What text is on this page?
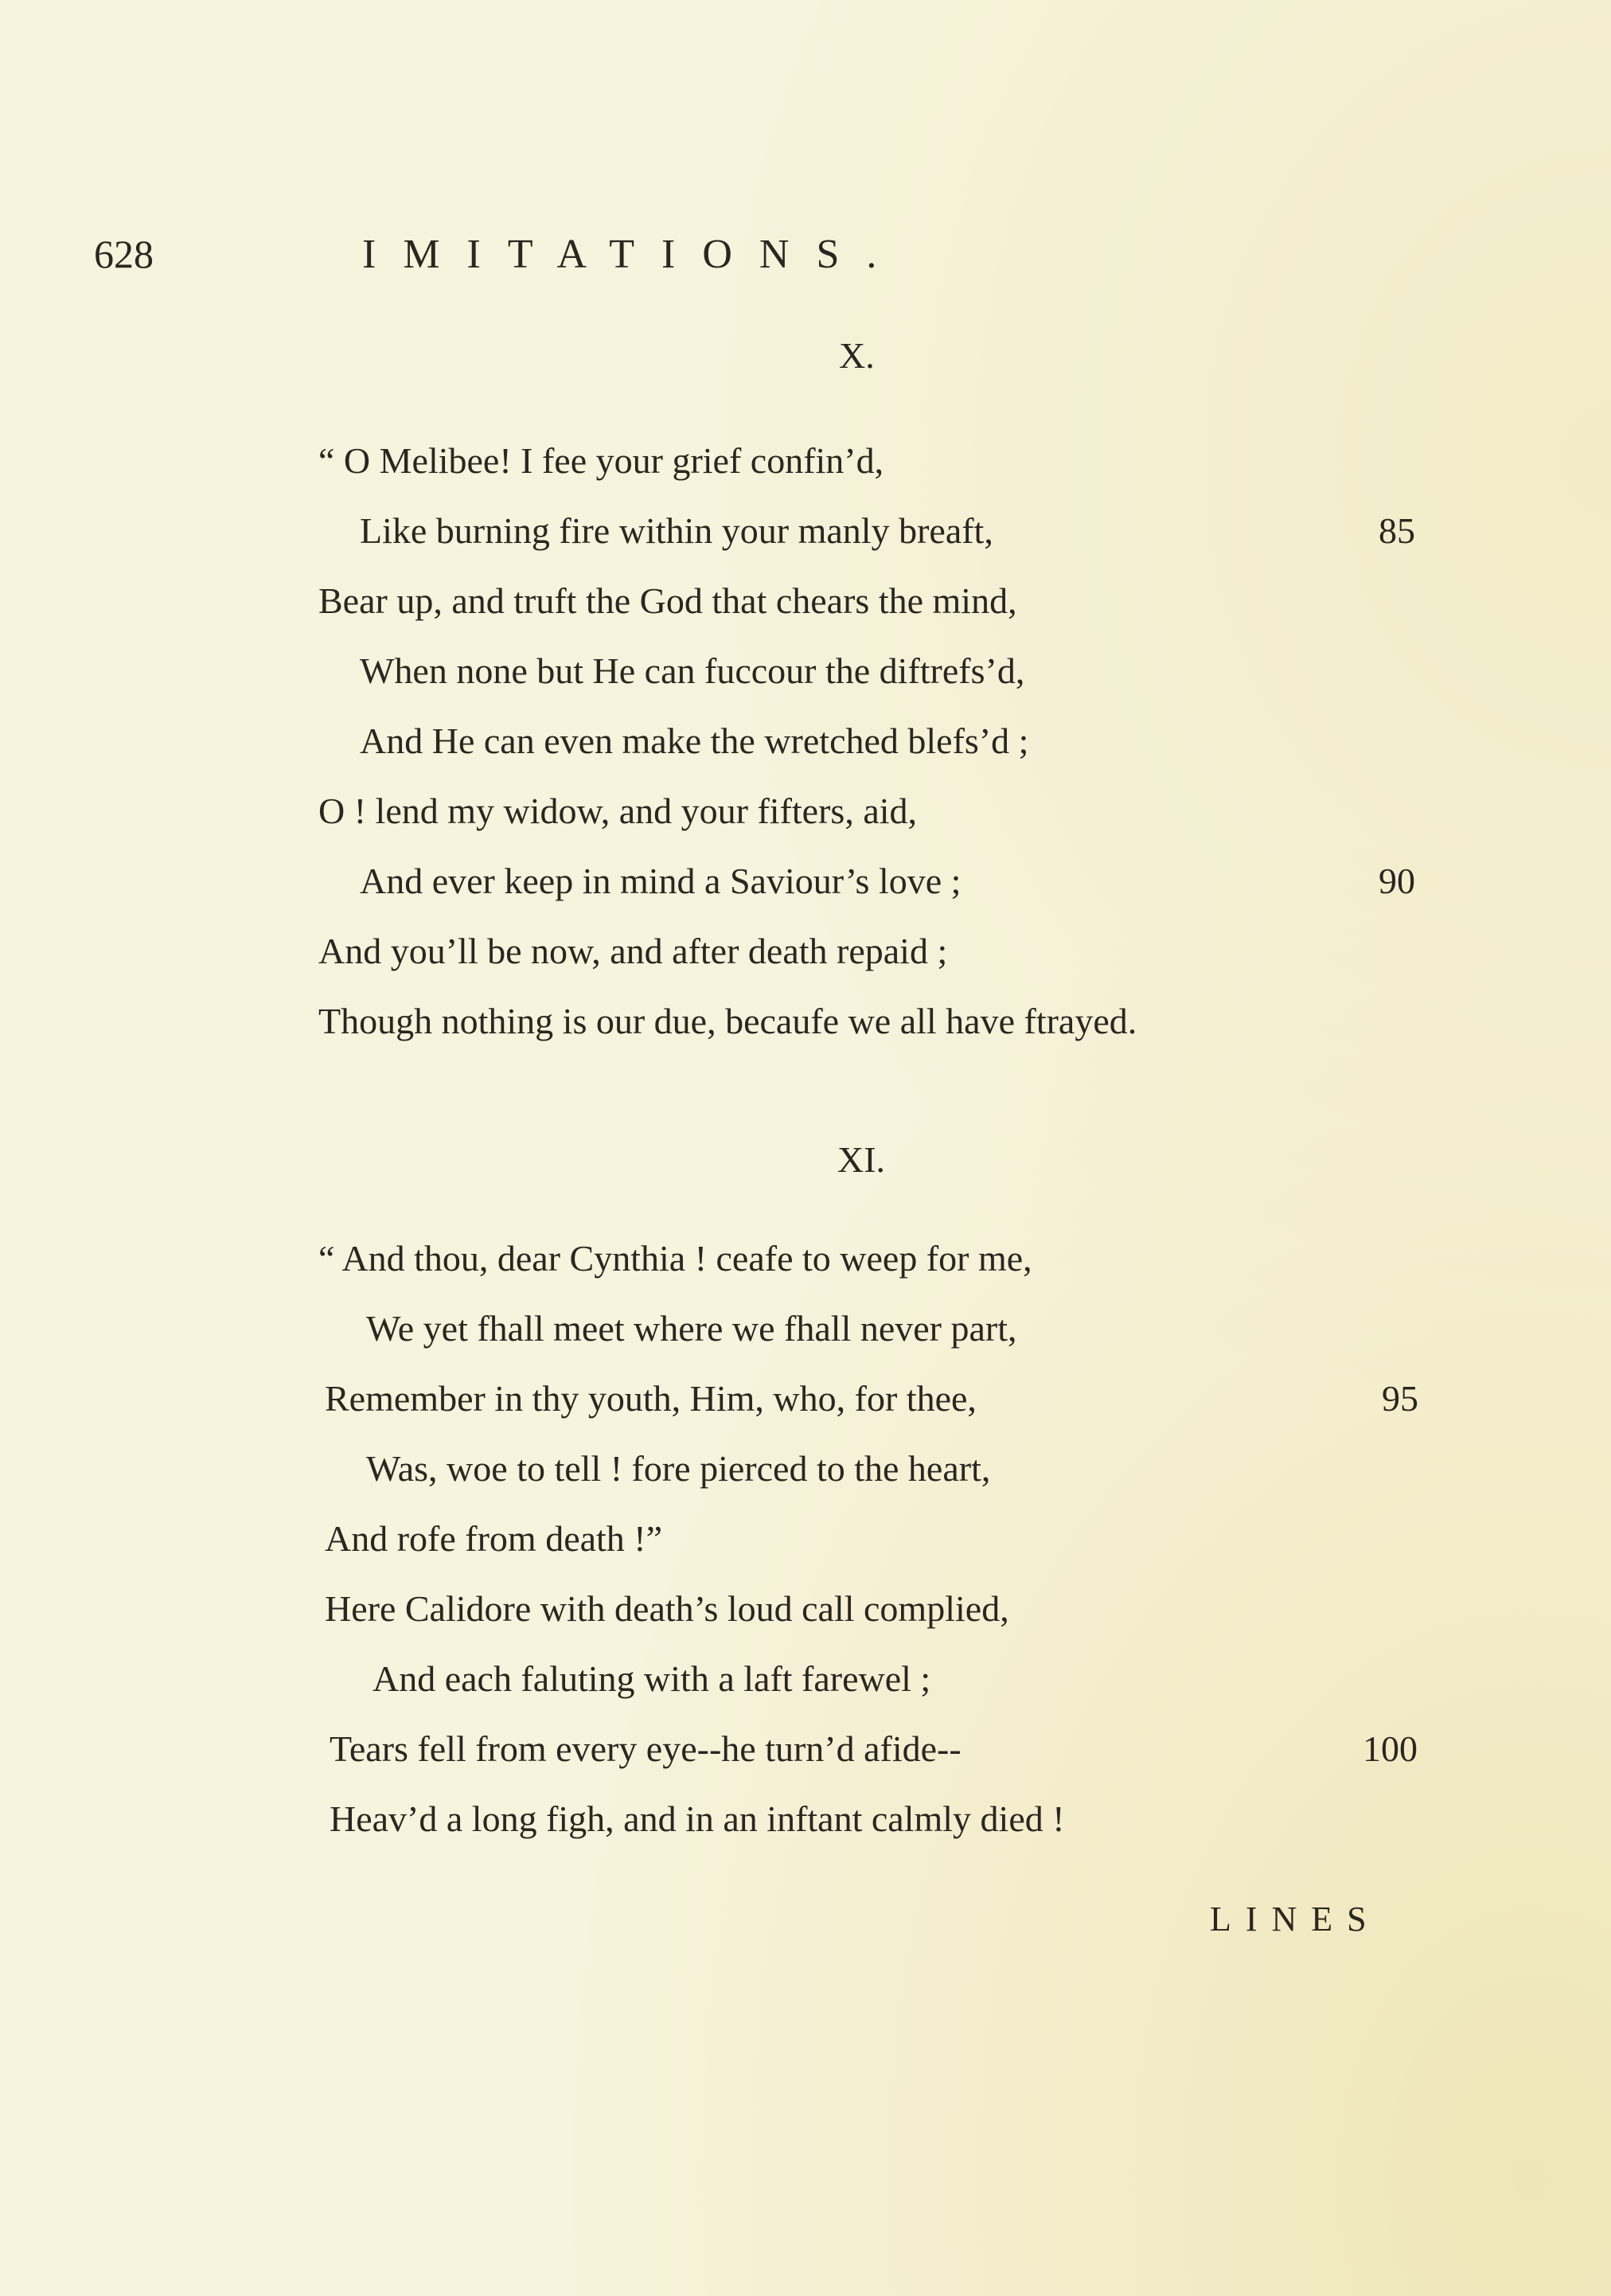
628	IMITATIONS.
X.
“ O Melibee! I fee your grief confin’d,
Like burning fire within your manly breaft,	85
Bear up, and truft the God that chears the mind,
When none but He can fuccour the diftrefs’d,
And He can even make the wretched blefs’d ;
O ! lend my widow, and your fifters, aid,
And ever keep in mind a Saviour’s love ;	90
And you’ll be now, and after death repaid ;
Though nothing is our due, becaufe we all have ftrayed.
XI.
“ And thou, dear Cynthia ! ceafe to weep for me,
We yet fhall meet where we fhall never part,
Remember in thy youth, Him, who, for thee,	95
Was, woe to tell ! fore pierced to the heart,
And rofe from death !”
Here Calidore with death’s loud call complied,
And each faluting with a laft farewel ;
Tears fell from every eye--he turn’d afide--	100
Heav’d a long figh, and in an inftant calmly died !
LINES
